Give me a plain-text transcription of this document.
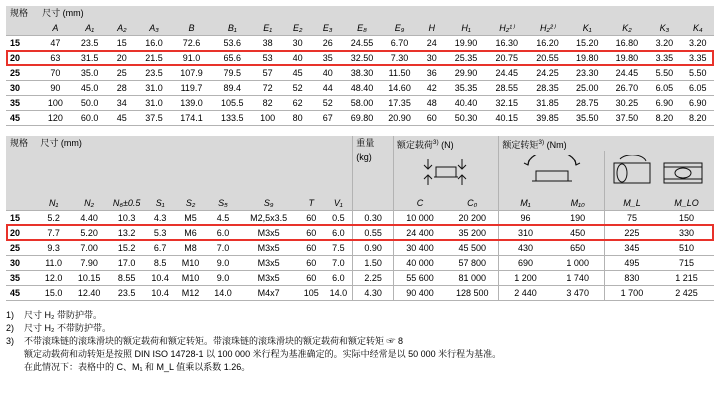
规格	尺寸 (mm)																		
	A	A₁	A₂	A₃	B	B₁	E₁	E₂	E₃	E₈	E₉	H	H₁	H₂¹⁾	H₂²⁾	K₁	K₂	K₃	K₄
15	47	23.5	15	16.0	72.6	53.6	38	30	26	24.55	6.70	24	19.90	16.30	16.20	15.20	16.80	3.20	3.20
20	63	31.5	20	21.5	91.0	65.6	53	40	35	32.50	7.30	30	25.35	20.75	20.55	19.80	19.80	3.35	3.35
25	70	35.0	25	23.5	107.9	79.5	57	45	40	38.30	11.50	36	29.90	24.45	24.25	23.30	24.45	5.50	5.50
30	90	45.0	28	31.0	119.7	89.4	72	52	44	48.40	14.60	42	35.35	28.55	28.35	25.00	26.70	6.05	6.05
35	100	50.0	34	31.0	139.0	105.5	82	62	52	58.00	17.35	48	40.40	32.15	31.85	28.75	30.25	6.90	6.90
45	120	60.0	45	37.5	174.1	133.5	100	80	67	69.80	20.90	60	50.30	40.15	39.85	35.50	37.50	8.20	8.20
规格	尺寸 (mm)									重量	额定载荷$^{3)}$ (N)		额定转矩$^{3)}$ (Nm)			
										(kg)			
	N₁	N₂	N₆±0.5	S₁	S₂	S₅	S₉	T	V₁		C	C₀	M₁	M₁₀	M_L	M_LO
15	5.2	4.40	10.3	4.3	M5	4.5	M2,5x3.5	60	0.5	0.30	10 000	20 200	96	190	75	150
20	7.7	5.20	13.2	5.3	M6	6.0	M3x5	60	6.0	0.55	24 400	35 200	310	450	225	330
25	9.3	7.00	15.2	6.7	M8	7.0	M3x5	60	7.5	0.90	30 400	45 500	430	650	345	510
30	11.0	7.90	17.0	8.5	M10	9.0	M3x5	60	7.0	1.50	40 000	57 800	690	1 000	495	715
35	12.0	10.15	8.55	10.4	M10	9.0	M3x5	60	6.0	2.25	55 600	81 000	1 200	1 740	830	1 215
45	15.0	12.40	23.5	10.4	M12	14.0	M4x7	105	14.0	4.30	90 400	128 500	2 440	3 470	1 700	2 425
1)	尺寸 H₂ 带防护带。
2)	尺寸 H₂ 不带防护带。
3)	不带滚珠链的滚珠滑块的额定载荷和额定转矩。带滚珠链的滚珠滑块的额定载荷和额定转矩 ☞ 8
额定动载荷和动转矩是按照 DIN ISO 14728-1 以 100 000 米行程为基准确定的。实际中经常是以 50 000 米行程为基准。
在此情况下：表格中的 C、M₁ 和 M_L 值乘以系数 1.26。
